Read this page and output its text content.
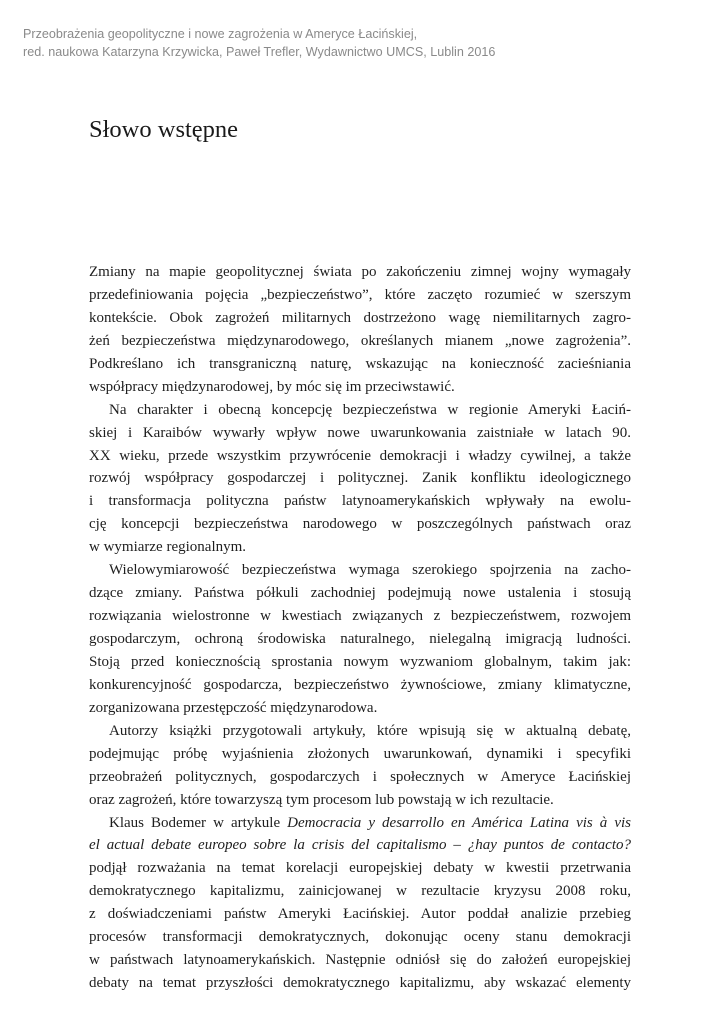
Przeobrażenia geopolityczne i nowe zagrożenia w Ameryce Łacińskiej,
red. naukowa Katarzyna Krzywicka, Paweł Trefler, Wydawnictwo UMCS, Lublin 2016
Słowo wstępne
Zmiany na mapie geopolitycznej świata po zakończeniu zimnej wojny wymagały
przedefiniowania pojęcia „bezpieczeństwo”, które zaczęto rozumieć w szerszym
kontekście. Obok zagrożeń militarnych dostrzeżono wagę niemilitarnych zagro-
żeń bezpieczeństwa międzynarodowego, określanych mianem „nowe zagrożenia”.
Podkreślano ich transgraniczną naturę, wskazując na konieczność zacieśniania
współpracy międzynarodowej, by móc się im przeciwstawić.
Na charakter i obecną koncepcję bezpieczeństwa w regionie Ameryki Łaciń-
skiej i Karaibów wywarły wpływ nowe uwarunkowania zaistniałe w latach 90.
XX wieku, przede wszystkim przywrócenie demokracji i władzy cywilnej, a także
rozwój współpracy gospodarczej i politycznej. Zanik konfliktu ideologicznego
i transformacja polityczna państw latynoamerykańskich wpływały na ewolu-
cję koncepcji bezpieczeństwa narodowego w poszczególnych państwach oraz
w wymiarze regionalnym.
Wielowymiarowość bezpieczeństwa wymaga szerokiego spojrzenia na zacho-
dzące zmiany. Państwa półkuli zachodniej podejmują nowe ustalenia i stosują
rozwiązania wielostronne w kwestiach związanych z bezpieczeństwem, rozwojem
gospodarczym, ochroną środowiska naturalnego, nielegalną imigracją ludności.
Stoją przed koniecznością sprostania nowym wyzwaniom globalnym, takim jak:
konkurencyjność gospodarcza, bezpieczeństwo żywnościowe, zmiany klimatyczne,
zorganizowana przestępczość międzynarodowa.
Autorzy książki przygotowali artykuły, które wpisują się w aktualną debatę,
podejmując próbę wyjaśnienia złożonych uwarunkowań, dynamiki i specyfiki
przeobrażeń politycznych, gospodarczych i społecznych w Ameryce Łacińskiej
oraz zagrożeń, które towarzyszą tym procesom lub powstają w ich rezultacie.
Klaus Bodemer w artykule Democracia y desarrollo en América Latina vis à vis
el actual debate europeo sobre la crisis del capitalismo – ¿hay puntos de contacto?
podjął rozważania na temat korelacji europejskiej debaty w kwestii przetrwania
demokratycznego kapitalizmu, zainicjowanej w rezultacie kryzysu 2008 roku,
z doświadczeniami państw Ameryki Łacińskiej. Autor poddał analizie przebieg
procesów transformacji demokratycznych, dokonując oceny stanu demokracji
w państwach latynoamerykańskich. Następnie odniósł się do założeń europejskiej
debaty na temat przyszłości demokratycznego kapitalizmu, aby wskazać elementy
